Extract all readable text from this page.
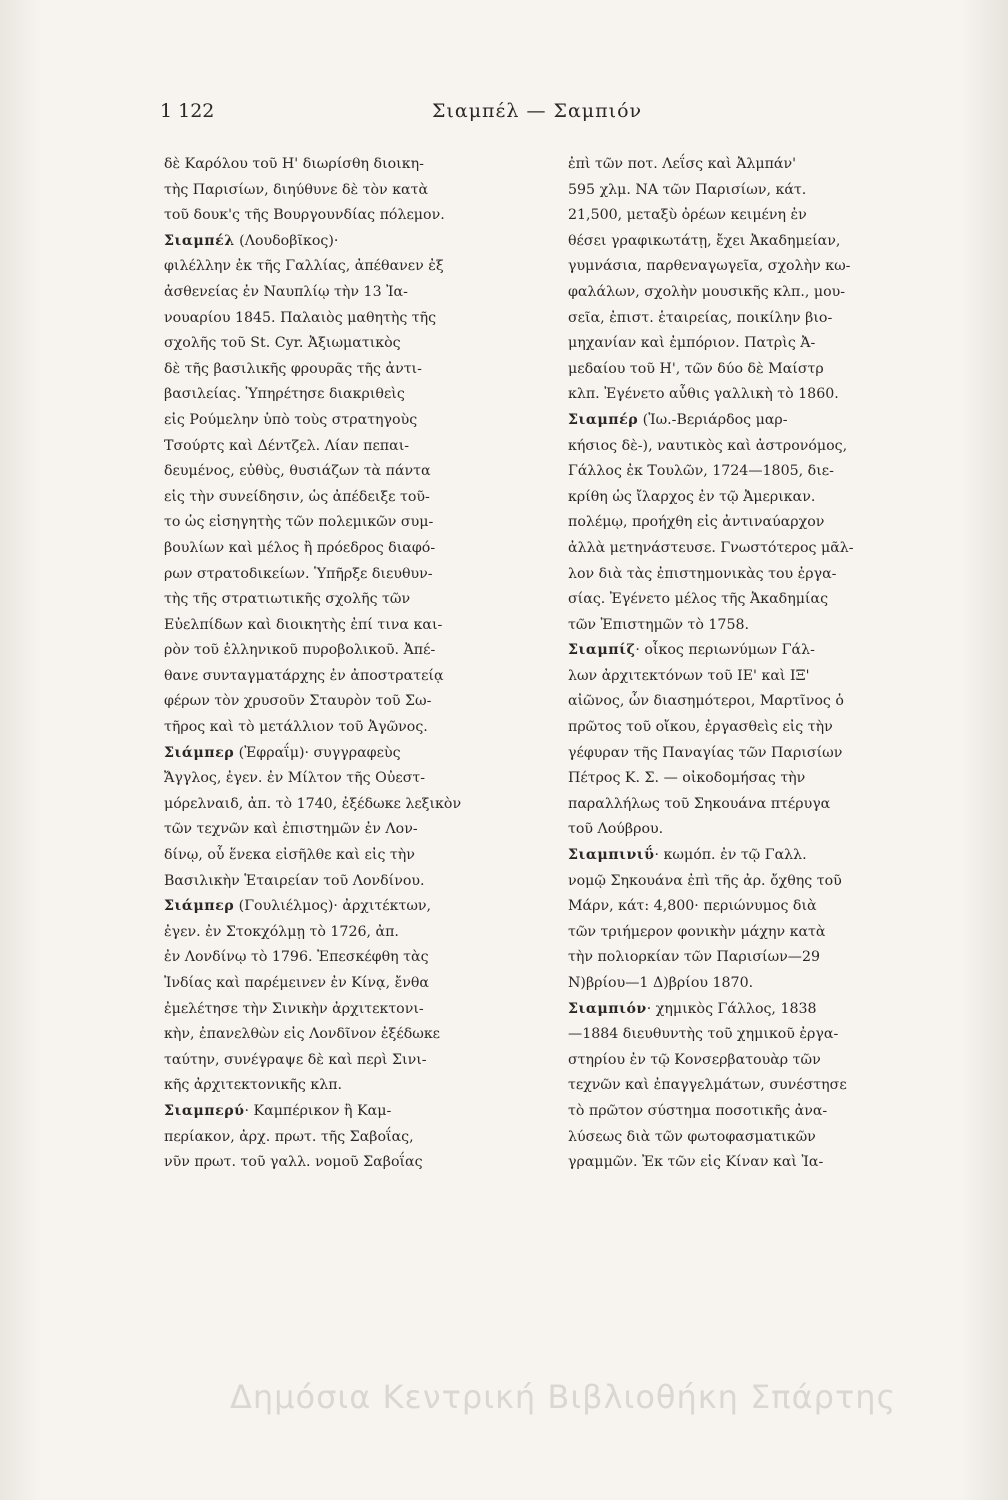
1 122	Σιαμπέλ — Σαμπιόν
δὲ Καρόλου τοῦ Η' διωρίσθη διοικη-
τὴς Παρισίων, διηύθυνε δὲ τὸν κατὰ
τοῦ δουκ'ς τῆς Βουργουνδίας πόλεμον.
Σιαμπέλ (Λουδοβῖκος)·
φιλέλλην ἐκ τῆς Γαλλίας, ἀπέθανεν ἐξ
ἀσθενείας ἐν Ναυπλίῳ τὴν 13 Ἰα-
νουαρίου 1845. Παλαιὸς μαθητὴς τῆς
σχολῆς τοῦ St. Cyr. Ἀξιωματικὸς
δὲ τῆς βασιλικῆς φρουρᾶς τῆς ἀντι-
βασιλείας. Ὑπηρέτησε διακριθεὶς
εἰς Ρούμελην ὑπὸ τοὺς στρατηγοὺς
Τσούρτς καὶ Δέντζελ. Λίαν πεπαι-
δευμένος, εὐθὺς, θυσιάζων τὰ πάντα
εἰς τὴν συνείδησιν, ὡς ἀπέδειξε τοῦ-
το ὡς εἰσηγητὴς τῶν πολεμικῶν συμ-
βουλίων καὶ μέλος ἢ πρόεδρος διαφό-
ρων στρατοδικείων. Ὑπῆρξε διευθυν-
τὴς τῆς στρατιωτικῆς σχολῆς τῶν
Εὐελπίδων καὶ διοικητὴς ἐπί τινα και-
ρὸν τοῦ ἑλληνικοῦ πυροβολικοῦ. Ἀπέ-
θανε συνταγματάρχης ἐν ἀποστρατείᾳ
φέρων τὸν χρυσοῦν Σταυρὸν τοῦ Σω-
τῆρος καὶ τὸ μετάλλιον τοῦ Ἀγῶνος.
Σιάμπερ (Ἐφραΐμ)· συγγραφεὺς
Ἄγγλος, ἐγεν. ἐν Μίλτον τῆς Οὐεστ-
μόρελναιδ, ἀπ. τὸ 1740, ἐξέδωκε λεξικὸν
τῶν τεχνῶν καὶ ἐπιστημῶν ἐν Λον-
δίνῳ, οὗ ἕνεκα εἰσῆλθε καὶ εἰς τὴν
Βασιλικὴν Ἑταιρείαν τοῦ Λονδίνου.
Σιάμπερ (Γουλιέλμος)· ἀρχιτέκτων,
ἐγεν. ἐν Στοκχόλμῃ τὸ 1726, ἀπ.
ἐν Λονδίνῳ τὸ 1796. Ἐπεσκέφθη τὰς
Ἰνδίας καὶ παρέμεινεν ἐν Κίνᾳ, ἔνθα
ἐμελέτησε τὴν Σινικὴν ἀρχιτεκτονι-
κὴν, ἐπανελθὼν εἰς Λονδῖνον ἐξέδωκε
ταύτην, συνέγραψε δὲ καὶ περὶ Σινι-
κῆς ἀρχιτεκτονικῆς κλπ.
Σιαμπερύ· Καμπέρικον ἢ Καμ-
περίακον, ἀρχ. πρωτ. τῆς Σαβοΐας,
νῦν πρωτ. τοῦ γαλλ. νομοῦ Σαβοΐας
ἐπὶ τῶν ποτ. Λεΐσς καὶ Ἀλμπάν'
595 χλμ. ΝΑ τῶν Παρισίων, κάτ.
21,500, μεταξὺ ὀρέων κειμένη ἐν
θέσει γραφικωτάτῃ, ἔχει Ἀκαδημείαν,
γυμνάσια, παρθεναγωγεῖα, σχολὴν κω-
φαλάλων, σχολὴν μουσικῆς κλπ., μου-
σεῖα, ἐπιστ. ἑταιρείας, ποικίλην βιο-
μηχανίαν καὶ ἐμπόριον. Πατρὶς Ἀ-
μεδαίου τοῦ Η', τῶν δύο δὲ Μαίστρ
κλπ. Ἐγένετο αὖθις γαλλικὴ τὸ 1860.
Σιαμπέρ (Ἰω.-Βεριάρδος μαρ-
κήσιος δὲ-), ναυτικὸς καὶ ἀστρονόμος,
Γάλλος ἐκ Τουλῶν, 1724—1805, διε-
κρίθη ὡς ἴλαρχος ἐν τῷ Ἀμερικαν.
πολέμῳ, προήχθη εἰς ἀντιναύαρχον
ἀλλὰ μετηνάστευσε. Γνωστότερος μᾶλ-
λον διὰ τὰς ἐπιστημονικὰς του ἐργα-
σίας. Ἐγένετο μέλος τῆς Ἀκαδημίας
τῶν Ἐπιστημῶν τὸ 1758.
Σιαμπίζ· οἶκος περιωνύμων Γάλ-
λων ἀρχιτεκτόνων τοῦ ΙΕ' καὶ ΙΞ'
αἰῶνος, ὧν διασημότεροι, Μαρτῖνος ὁ
πρῶτος τοῦ οἴκου, ἐργασθεὶς εἰς τὴν
γέφυραν τῆς Παναγίας τῶν Παρισίων
Πέτρος Κ. Σ. — οἰκοδομήσας τὴν
παραλλήλως τοῦ Σηκουάνα πτέρυγα
τοῦ Λούβρου.
Σιαμπινιΰ· κωμόπ. ἐν τῷ Γαλλ.
νομῷ Σηκουάνα ἐπὶ τῆς ἀρ. ὄχθης τοῦ
Μάρν, κάτ: 4,800· περιώνυμος διὰ
τῶν τριήμερον φονικὴν μάχην κατὰ
τὴν πολιορκίαν τῶν Παρισίων—29
Ν)βρίου—1 Δ)βρίου 1870.
Σιαμπιόν· χημικὸς Γάλλος, 1838
—1884 διευθυντὴς τοῦ χημικοῦ ἐργα-
στηρίου ἐν τῷ Κονσερβατουὰρ τῶν
τεχνῶν καὶ ἐπαγγελμάτων, συνέστησε
τὸ πρῶτον σύστημα ποσοτικῆς ἀνα-
λύσεως διὰ τῶν φωτοφασματικῶν
γραμμῶν. Ἐκ τῶν εἰς Κίναν καὶ Ἰα-
Δημόσια Κεντρική Βιβλιοθήκη Σπάρτης
